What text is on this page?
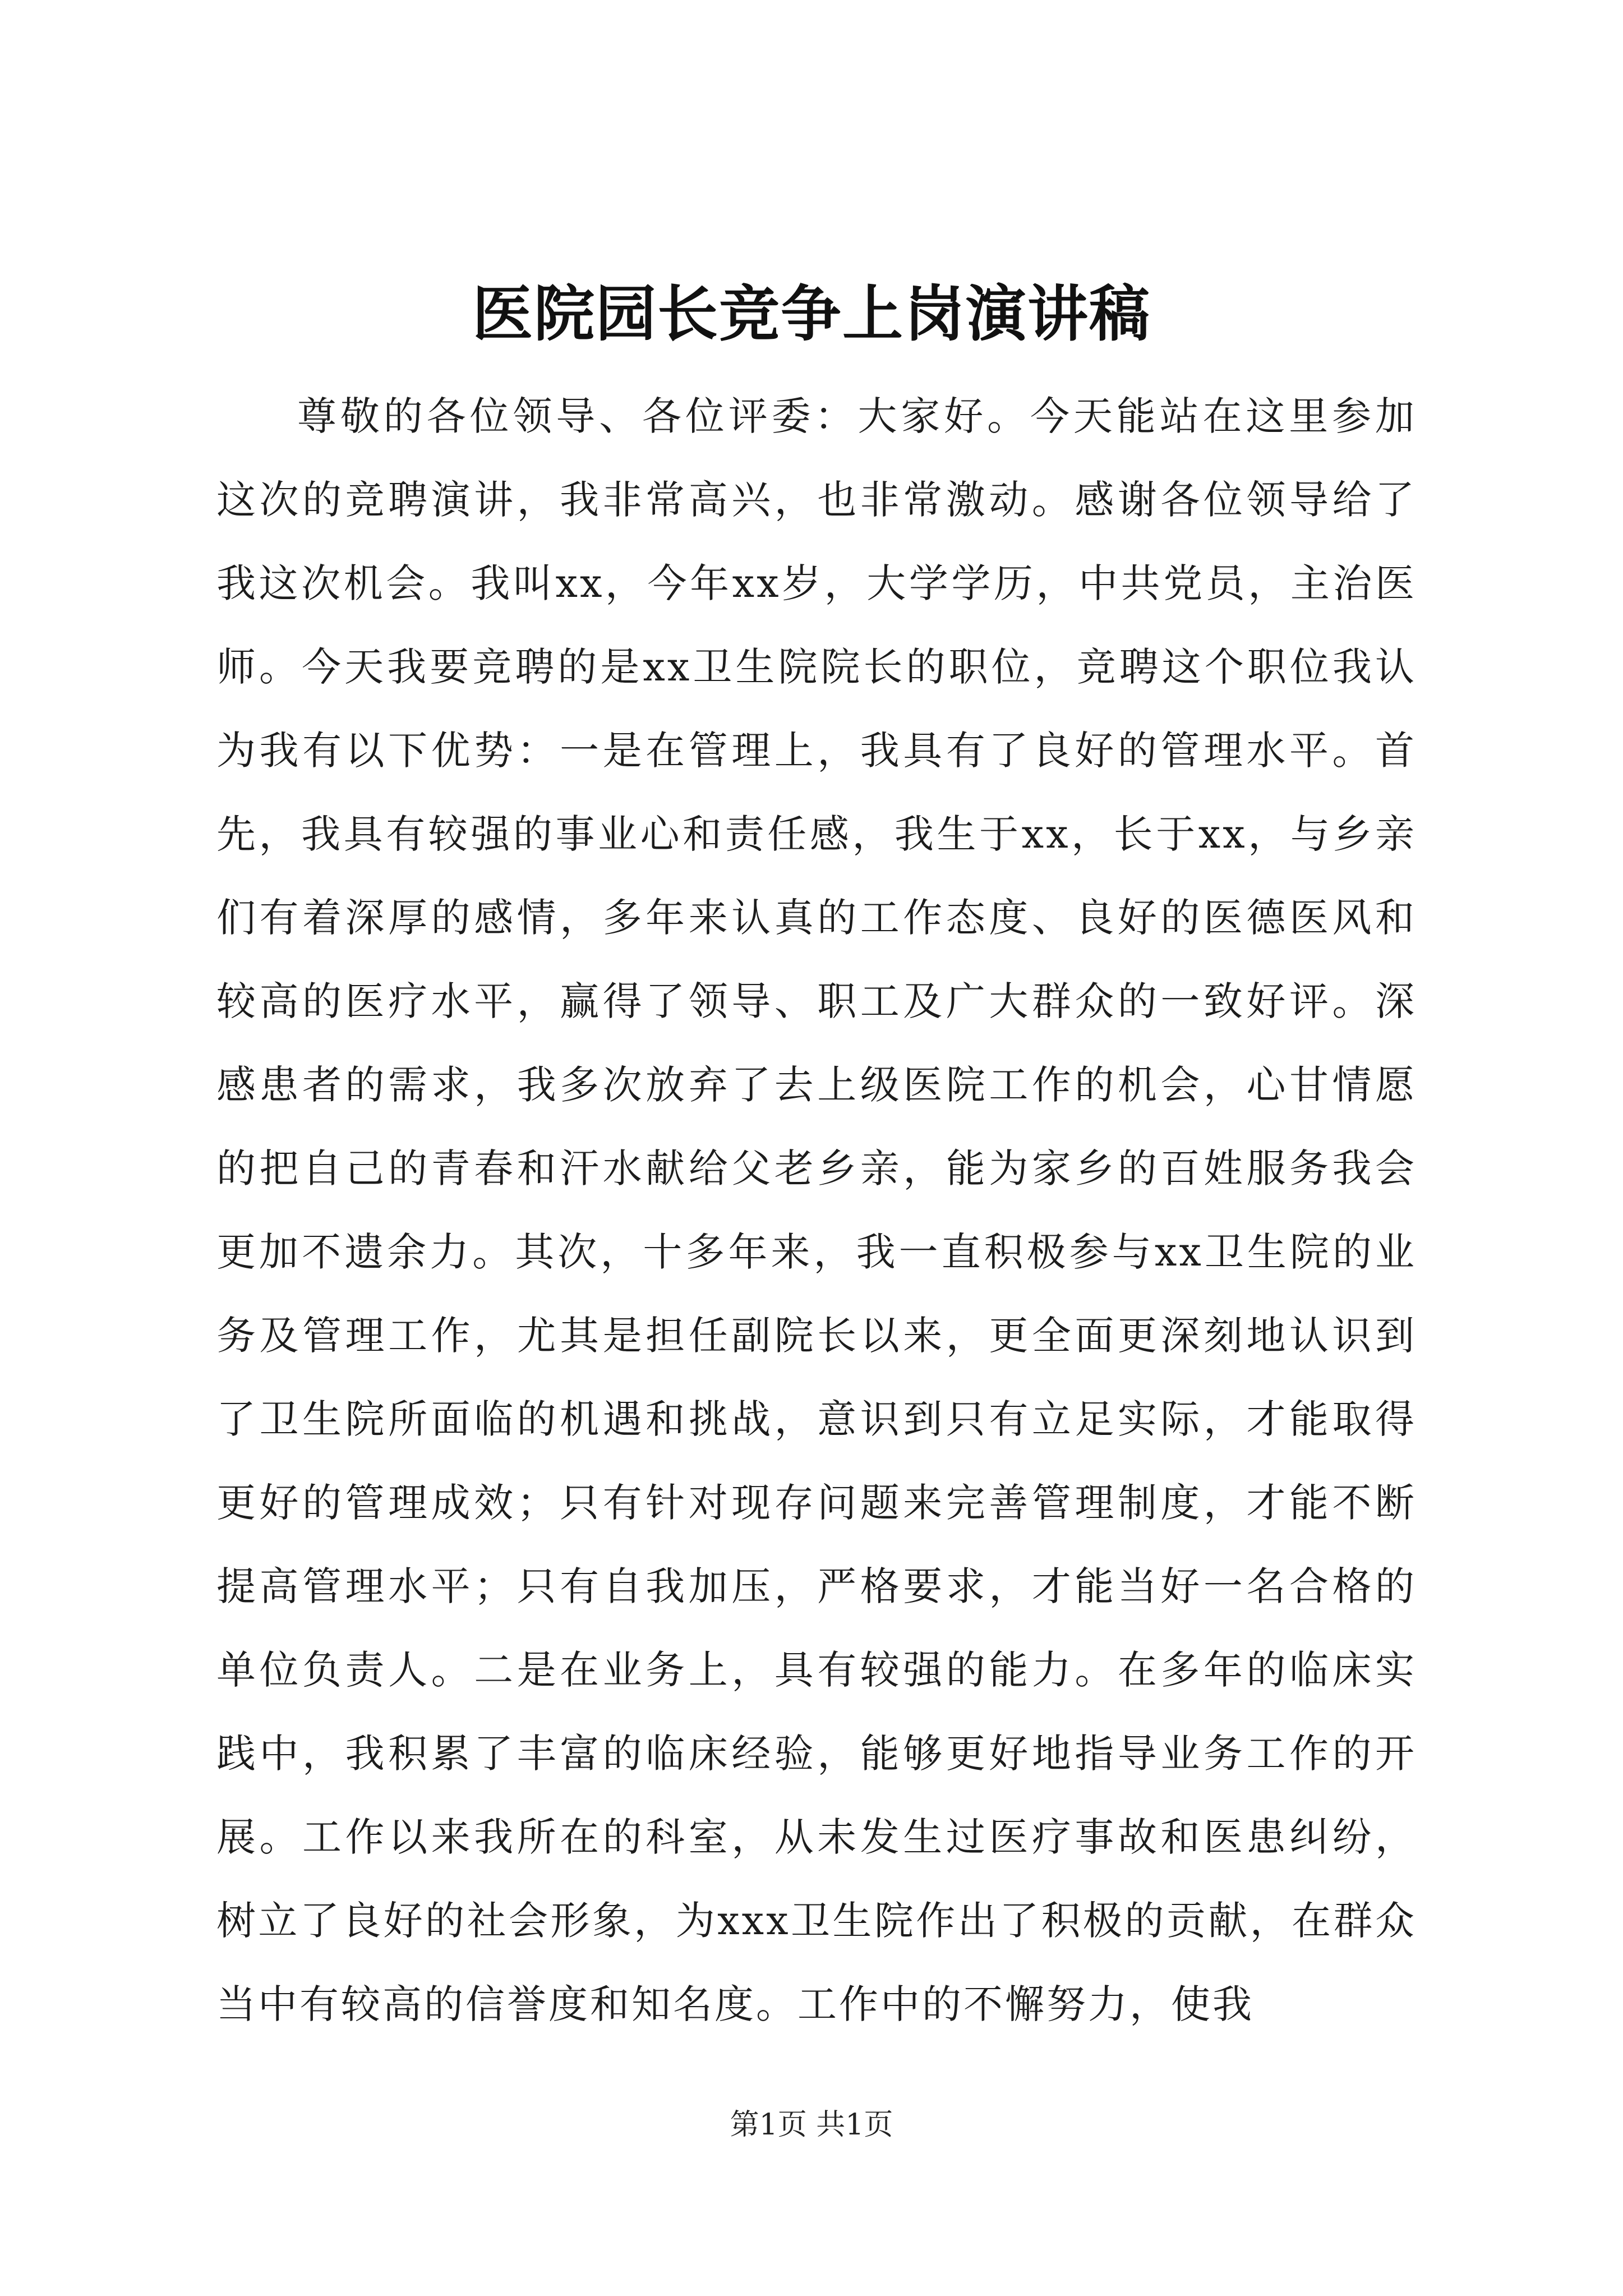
医院园长竞争上岗演讲稿

尊敬的各位领导、各位评委：大家好。今天能站在这里参加这次的竞聘演讲，我非常高兴，也非常激动。感谢各位领导给了我这次机会。我叫xx，今年xx岁，大学学历，中共党员，主治医师。今天我要竞聘的是xx卫生院院长的职位，竞聘这个职位我认为我有以下优势：一是在管理上，我具有了良好的管理水平。首先，我具有较强的事业心和责任感，我生于xx，长于xx，与乡亲们有着深厚的感情，多年来认真的工作态度、良好的医德医风和较高的医疗水平，赢得了领导、职工及广大群众的一致好评。深感患者的需求，我多次放弃了去上级医院工作的机会，心甘情愿的把自己的青春和汗水献给父老乡亲，能为家乡的百姓服务我会更加不遗余力。其次，十多年来，我一直积极参与xx卫生院的业务及管理工作，尤其是担任副院长以来，更全面更深刻地认识到了卫生院所面临的机遇和挑战，意识到只有立足实际，才能取得更好的管理成效；只有针对现存问题来完善管理制度，才能不断提高管理水平；只有自我加压，严格要求，才能当好一名合格的单位负责人。二是在业务上，具有较强的能力。在多年的临床实践中，我积累了丰富的临床经验，能够更好地指导业务工作的开展。工作以来我所在的科室，从未发生过医疗事故和医患纠纷，树立了良好的社会形象，为xxx卫生院作出了积极的贡献，在群众当中有较高的信誉度和知名度。工作中的不懈努力，使我

第1页 共1页
